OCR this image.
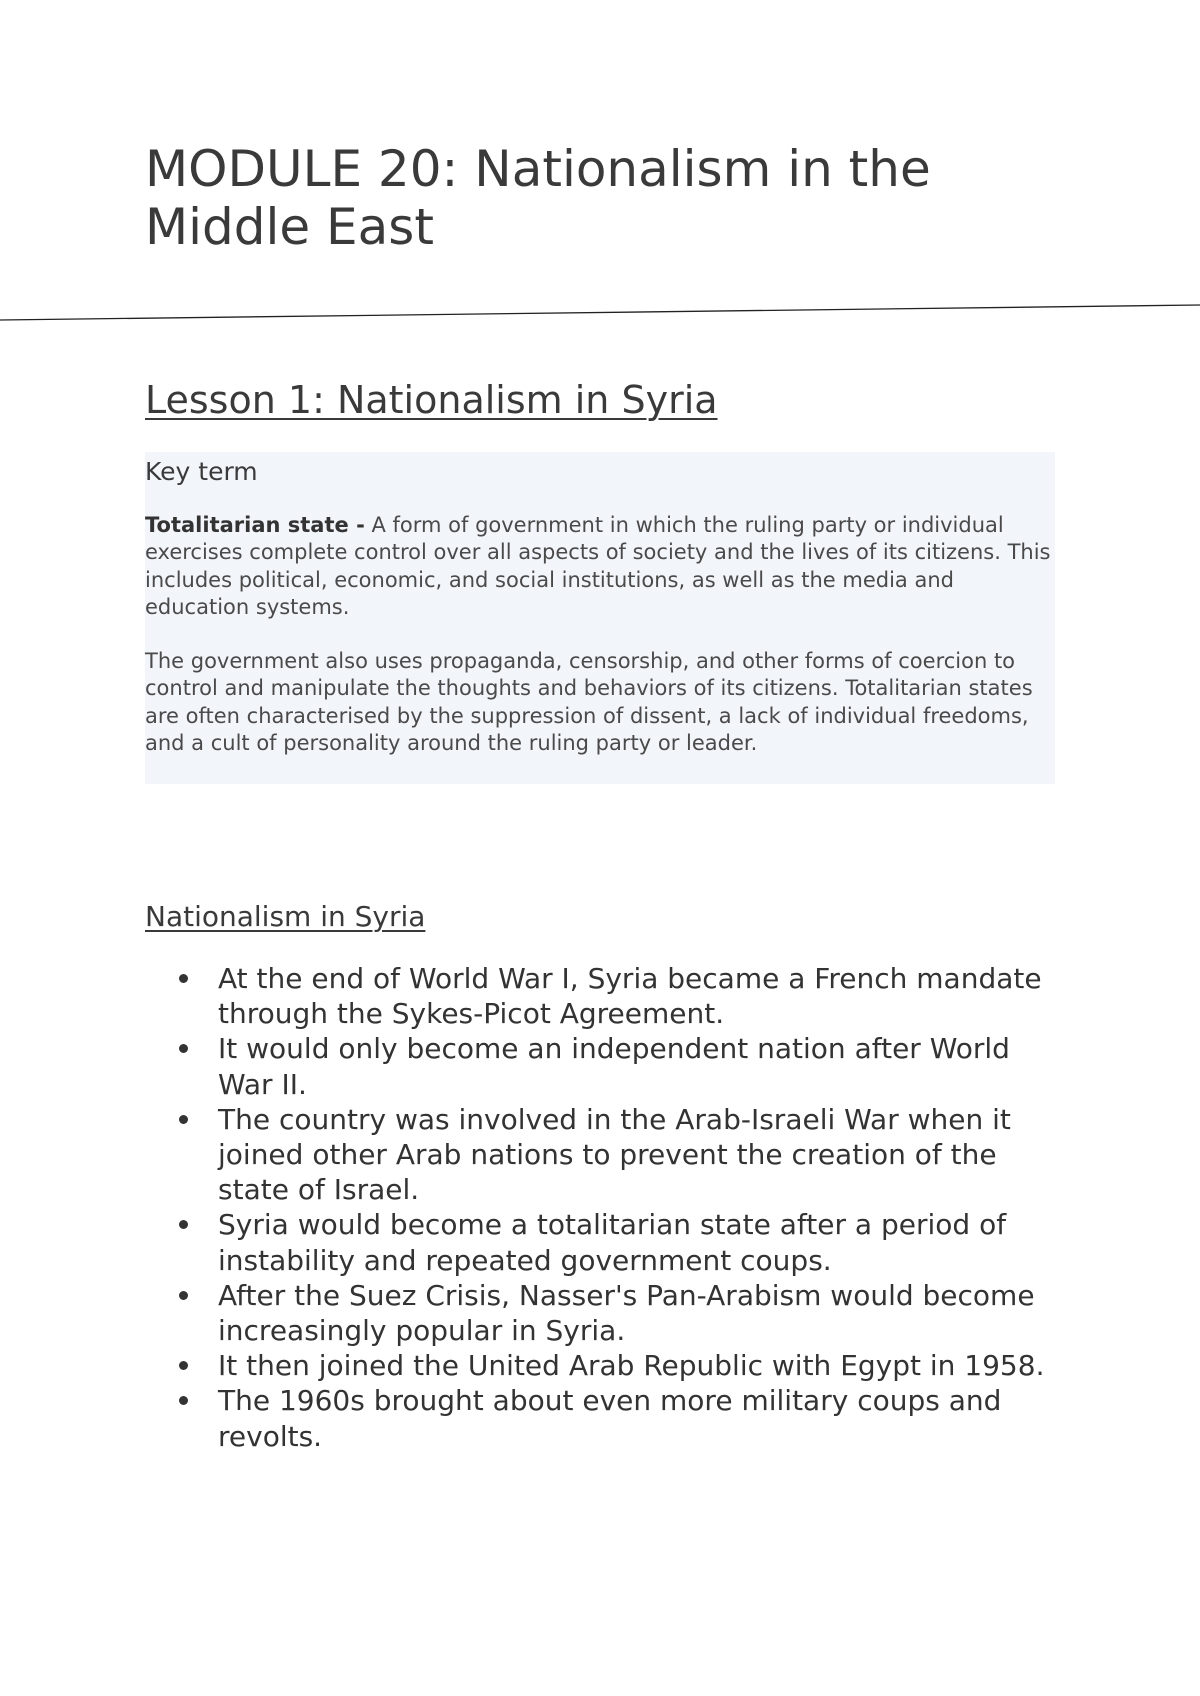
MODULE 20: Nationalism in the Middle East
Lesson 1: Nationalism in Syria
Key term

Totalitarian state - A form of government in which the ruling party or individual exercises complete control over all aspects of society and the lives of its citizens. This includes political, economic, and social institutions, as well as the media and education systems.

The government also uses propaganda, censorship, and other forms of coercion to control and manipulate the thoughts and behaviors of its citizens. Totalitarian states are often characterised by the suppression of dissent, a lack of individual freedoms, and a cult of personality around the ruling party or leader.

Nationalism in Syria
At the end of World War I, Syria became a French mandate through the Sykes-Picot Agreement.
It would only become an independent nation after World War II.
The country was involved in the Arab-Israeli War when it joined other Arab nations to prevent the creation of the state of Israel.
Syria would become a totalitarian state after a period of instability and repeated government coups.
After the Suez Crisis, Nasser's Pan-Arabism would become increasingly popular in Syria.
It then joined the United Arab Republic with Egypt in 1958.
The 1960s brought about even more military coups and revolts.
